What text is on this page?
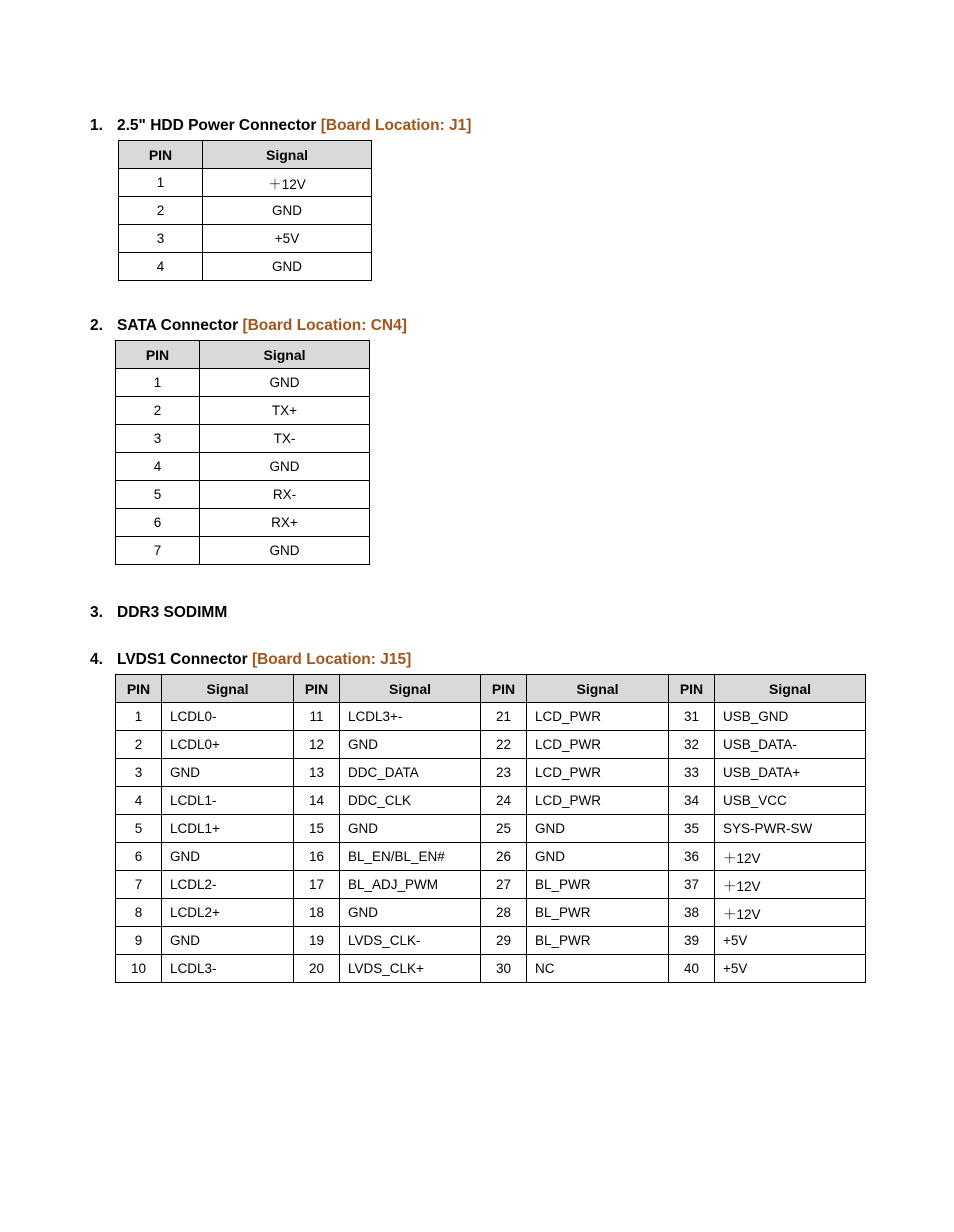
1. 2.5" HDD Power Connector [Board Location: J1]
PIN	Signal
1	＋12V
2	GND
3	+5V
4	GND
2. SATA Connector [Board Location: CN4]
PIN	Signal
1	GND
2	TX+
3	TX-
4	GND
5	RX-
6	RX+
7	GND
3. DDR3 SODIMM
4. LVDS1 Connector [Board Location: J15]
PIN	Signal	PIN	Signal	PIN	Signal	PIN	Signal
1	LCDL0-	11	LCDL3+-	21	LCD_PWR	31	USB_GND
2	LCDL0+	12	GND	22	LCD_PWR	32	USB_DATA-
3	GND	13	DDC_DATA	23	LCD_PWR	33	USB_DATA+
4	LCDL1-	14	DDC_CLK	24	LCD_PWR	34	USB_VCC
5	LCDL1+	15	GND	25	GND	35	SYS-PWR-SW
6	GND	16	BL_EN/BL_EN#	26	GND	36	＋12V
7	LCDL2-	17	BL_ADJ_PWM	27	BL_PWR	37	＋12V
8	LCDL2+	18	GND	28	BL_PWR	38	＋12V
9	GND	19	LVDS_CLK-	29	BL_PWR	39	+5V
10	LCDL3-	20	LVDS_CLK+	30	NC	40	+5V
